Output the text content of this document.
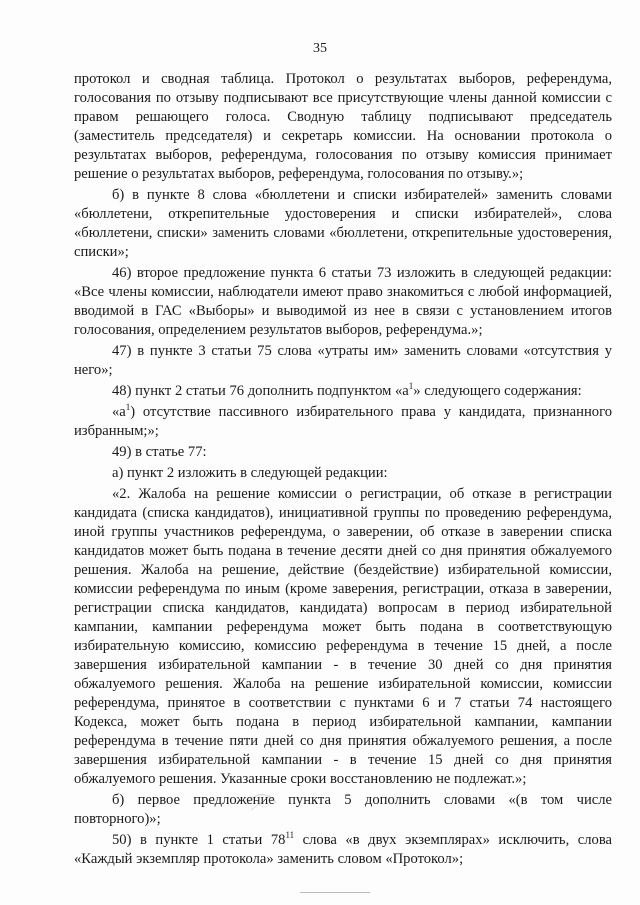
35

протокол и сводная таблица. Протокол о результатах выборов, референдума, голосования по отзыву подписывают все присутствующие члены данной комиссии с правом решающего голоса. Сводную таблицу подписывают председатель (заместитель председателя) и секретарь комиссии. На основании протокола о результатах выборов, референдума, голосования по отзыву комиссия принимает решение о результатах выборов, референдума, голосования по отзыву.»;

б) в пункте 8 слова «бюллетени и списки избирателей» заменить словами «бюллетени, открепительные удостоверения и списки избирателей», слова «бюллетени, списки» заменить словами «бюллетени, открепительные удостоверения, списки»;

46) второе предложение пункта 6 статьи 73 изложить в следующей редакции: «Все члены комиссии, наблюдатели имеют право знакомиться с любой информацией, вводимой в ГАС «Выборы» и выводимой из нее в связи с установлением итогов голосования, определением результатов выборов, референдума.»;

47) в пункте 3 статьи 75 слова «утраты им» заменить словами «отсутствия у него»;

48) пункт 2 статьи 76 дополнить подпунктом «$а^1$» следующего содержания:

«$а^1$) отсутствие пассивного избирательного права у кандидата, признанного избранным;»;

49) в статье 77:

а) пункт 2 изложить в следующей редакции:

«2. Жалоба на решение комиссии о регистрации, об отказе в регистрации кандидата (списка кандидатов), инициативной группы по проведению референдума, иной группы участников референдума, о заверении, об отказе в заверении списка кандидатов может быть подана в течение десяти дней со дня принятия обжалуемого решения. Жалоба на решение, действие (бездействие) избирательной комиссии, комиссии референдума по иным (кроме заверения, регистрации, отказа в заверении, регистрации списка кандидатов, кандидата) вопросам в период избирательной кампании, кампании референдума может быть подана в соответствующую избирательную комиссию, комиссию референдума в течение 15 дней, а после завершения избирательной кампании - в течение 30 дней со дня принятия обжалуемого решения. Жалоба на решение избирательной комиссии, комиссии референдума, принятое в соответствии с пунктами 6 и 7 статьи 74 настоящего Кодекса, может быть подана в период избирательной кампании, кампании референдума в течение пяти дней со дня принятия обжалуемого решения, а после завершения избирательной кампании - в течение 15 дней со дня принятия обжалуемого решения. Указанные сроки восстановлению не подлежат.»;

б) первое предложение пункта 5 дополнить словами «(в том числе повторного)»;

50) в пункте 1 статьи $78^{11}$ слова «в двух экземплярах» исключить, слова «Каждый экземпляр протокола» заменить словом «Протокол»;
